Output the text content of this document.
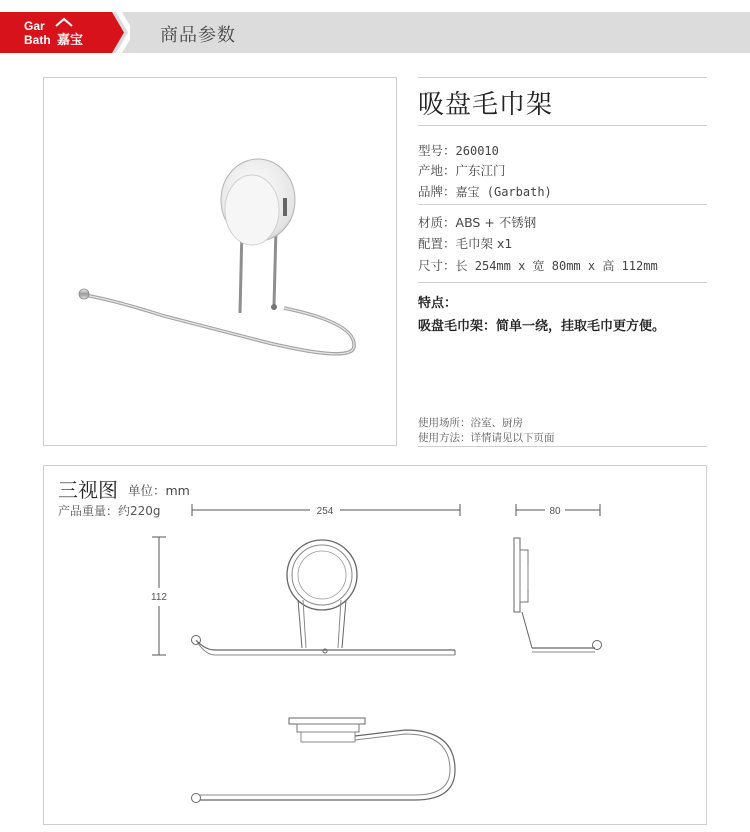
Gar
Bath 嘉宝	商品参数
吸盘毛巾架
型号：260010
产地：广东江门
品牌：嘉宝 (Garbath)
材质：ABS + 不锈钢
配置：毛巾架 x1
尺寸：长 254mm x 宽 80mm x 高 112mm
特点：
吸盘毛巾架：简单一绕，挂取毛巾更方便。
使用场所：浴室、厨房
使用方法：详情请见以下页面
三视图 单位：mm
产品重量：约220g	254	80
112
